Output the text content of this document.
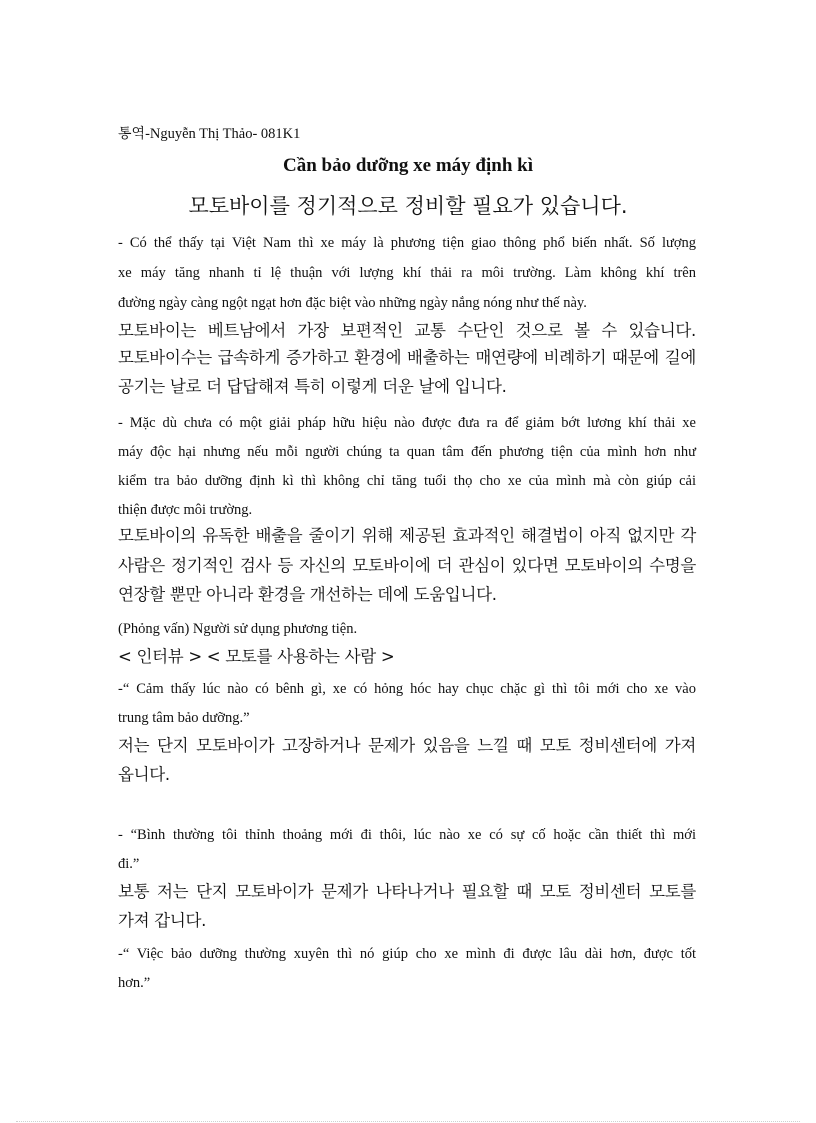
통역-Nguyễn Thị Thảo- 081K1
Cần bảo dưỡng xe máy định kì
모토바이를 정기적으로 정비할 필요가 있습니다.
- Có thể thấy tại Việt Nam thì xe máy là phương tiện giao thông phổ biến nhất. Số lượng
xe máy tăng nhanh tỉ lệ thuận với lượng khí thải ra môi trường. Làm không khí trên
đường ngày càng ngột ngạt hơn đặc biệt vào những ngày nắng nóng như thế này.
모토바이는 베트남에서 가장 보편적인 교통 수단인 것으로 볼 수 있습니다.
모토바이수는 급속하게 증가하고 환경에 배출하는 매연량에 비례하기 때문에 길에
공기는 날로 더 답답해져 특히 이렇게 더운 날에 입니다.
- Mặc dù chưa có một giải pháp hữu hiệu nào được đưa ra để giảm bớt lương khí thải xe
máy độc hại nhưng nếu mỗi người chúng ta quan tâm đến phương tiện của mình hơn như
kiểm tra bảo dưỡng định kì thì không chỉ tăng tuổi thọ cho xe của mình mà còn giúp cải
thiện được môi trường.
모토바이의 유독한 배출을 줄이기 위해 제공된 효과적인 해결법이 아직 없지만 각
사람은 정기적인 검사 등 자신의 모토바이에 더 관심이 있다면 모토바이의 수명을
연장할 뿐만 아니라 환경을 개선하는 데에 도움입니다.
(Phỏng vấn) Người sử dụng phương tiện.
< 인터뷰 > < 모토를 사용하는 사람 >
-“ Cảm thấy lúc nào có bênh gì, xe có hỏng hóc hay chục chặc gì thì tôi mới cho xe vào
trung tâm bảo dưỡng.”
저는 단지 모토바이가 고장하거나 문제가 있음을 느낄 때 모토 정비센터에 가져
옵니다.
- “Bình thường tôi thỉnh thoảng mới đi thôi, lúc nào xe có sự cố hoặc cần thiết thì mới
đi.”
보통 저는 단지 모토바이가 문제가 나타나거나 필요할 때 모토 정비센터 모토를
가져 갑니다.
-“ Việc bảo dưỡng thường xuyên thì nó giúp cho xe mình đi được lâu dài hơn, được tốt
hơn.”
